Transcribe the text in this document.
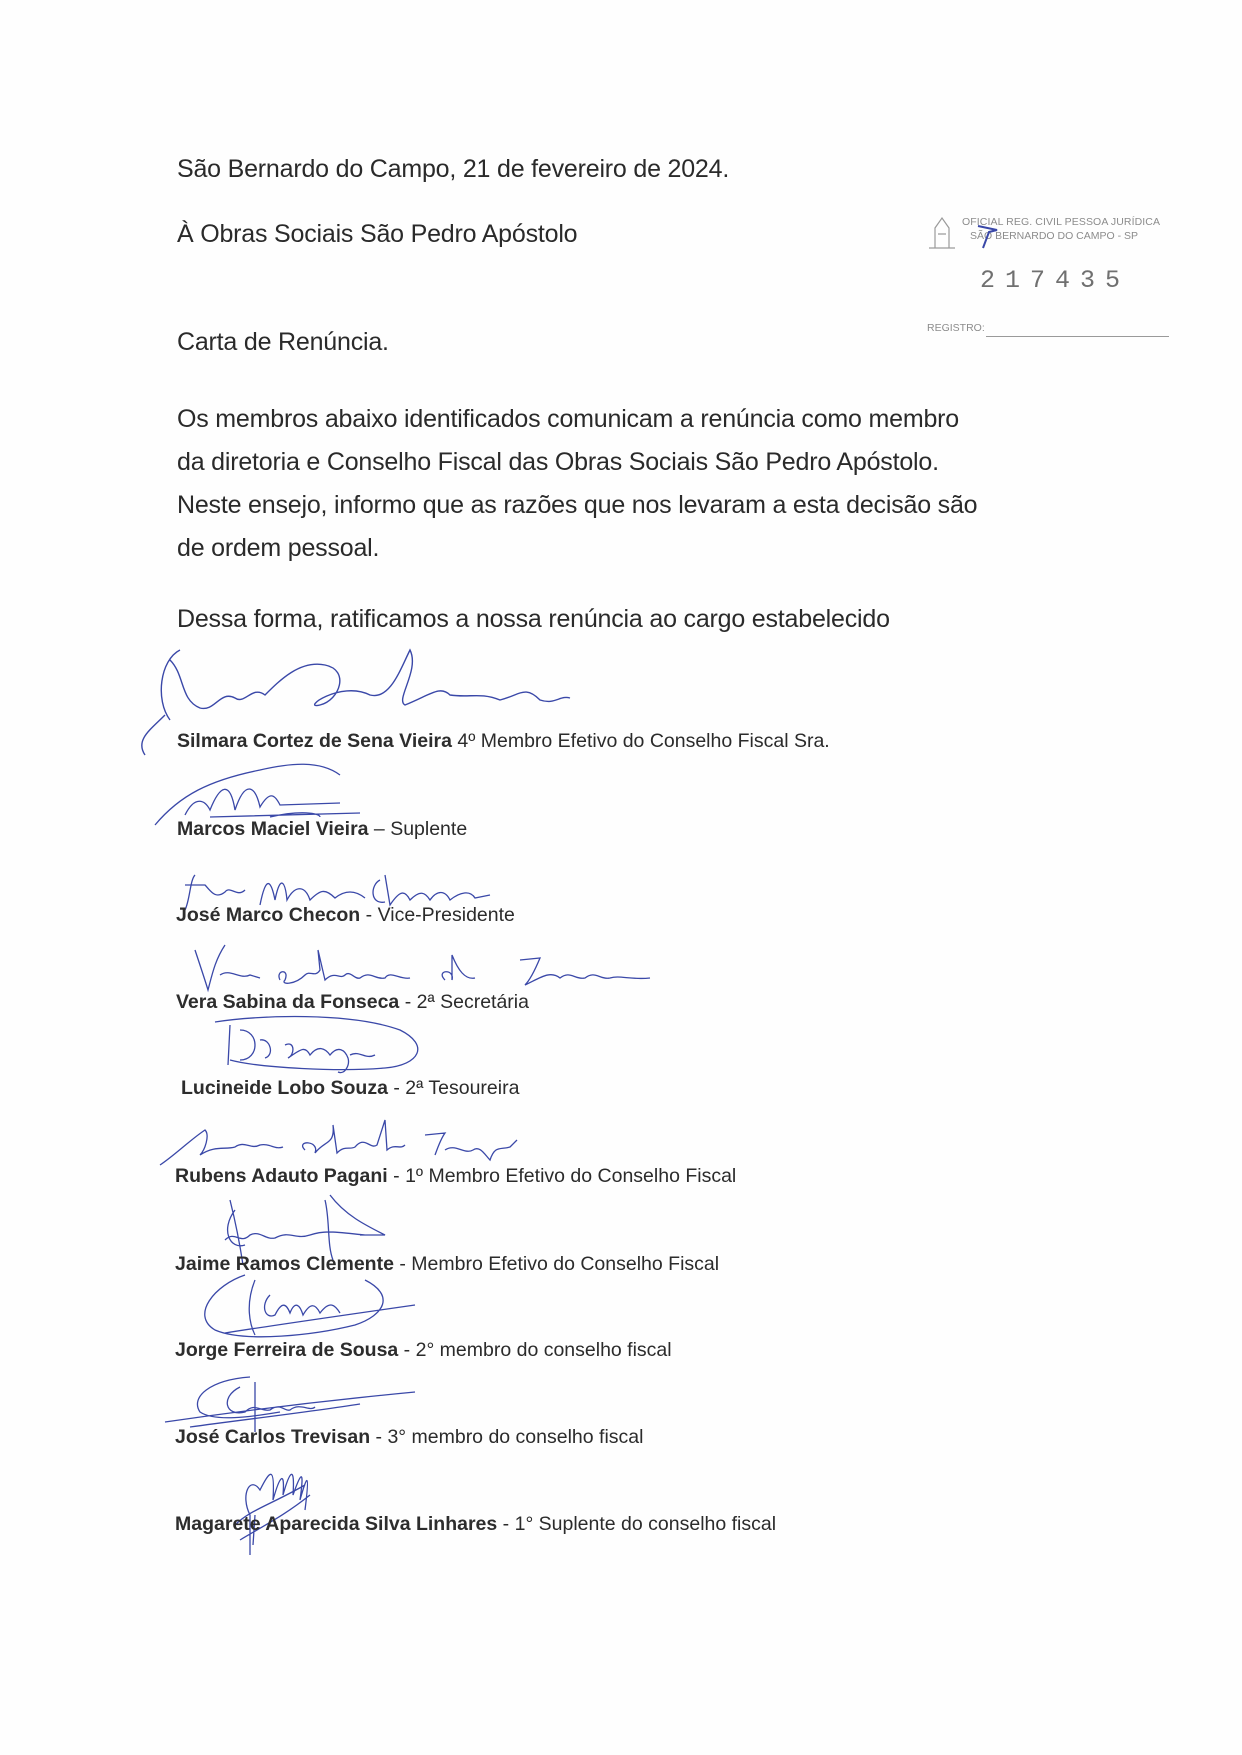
São Bernardo do Campo, 21 de fevereiro de 2024.
À Obras Sociais São Pedro Apóstolo
Carta de Renúncia.
OFICIAL REG. CIVIL PESSOA JURÍDICA
SÃO BERNARDO DO CAMPO - SP
217435
REGISTRO:
Os membros abaixo identificados comunicam a renúncia como membro
da diretoria e Conselho Fiscal das Obras Sociais São Pedro Apóstolo.
Neste ensejo, informo que as razões que nos levaram a esta decisão são
de ordem pessoal.
Dessa forma, ratificamos a nossa renúncia ao cargo estabelecido
Silmara Cortez de Sena Vieira 4º Membro Efetivo do Conselho Fiscal Sra.
Marcos Maciel Vieira – Suplente
José Marco Checon - Vice-Presidente
Vera Sabina da Fonseca - 2ª Secretária
Lucineide Lobo Souza - 2ª Tesoureira
Rubens Adauto Pagani - 1º Membro Efetivo do Conselho Fiscal
Jaime Ramos Clemente - Membro Efetivo do Conselho Fiscal
Jorge Ferreira de Sousa - 2° membro do conselho fiscal
José Carlos Trevisan - 3° membro do conselho fiscal
Magarete Aparecida Silva Linhares - 1° Suplente do conselho fiscal
